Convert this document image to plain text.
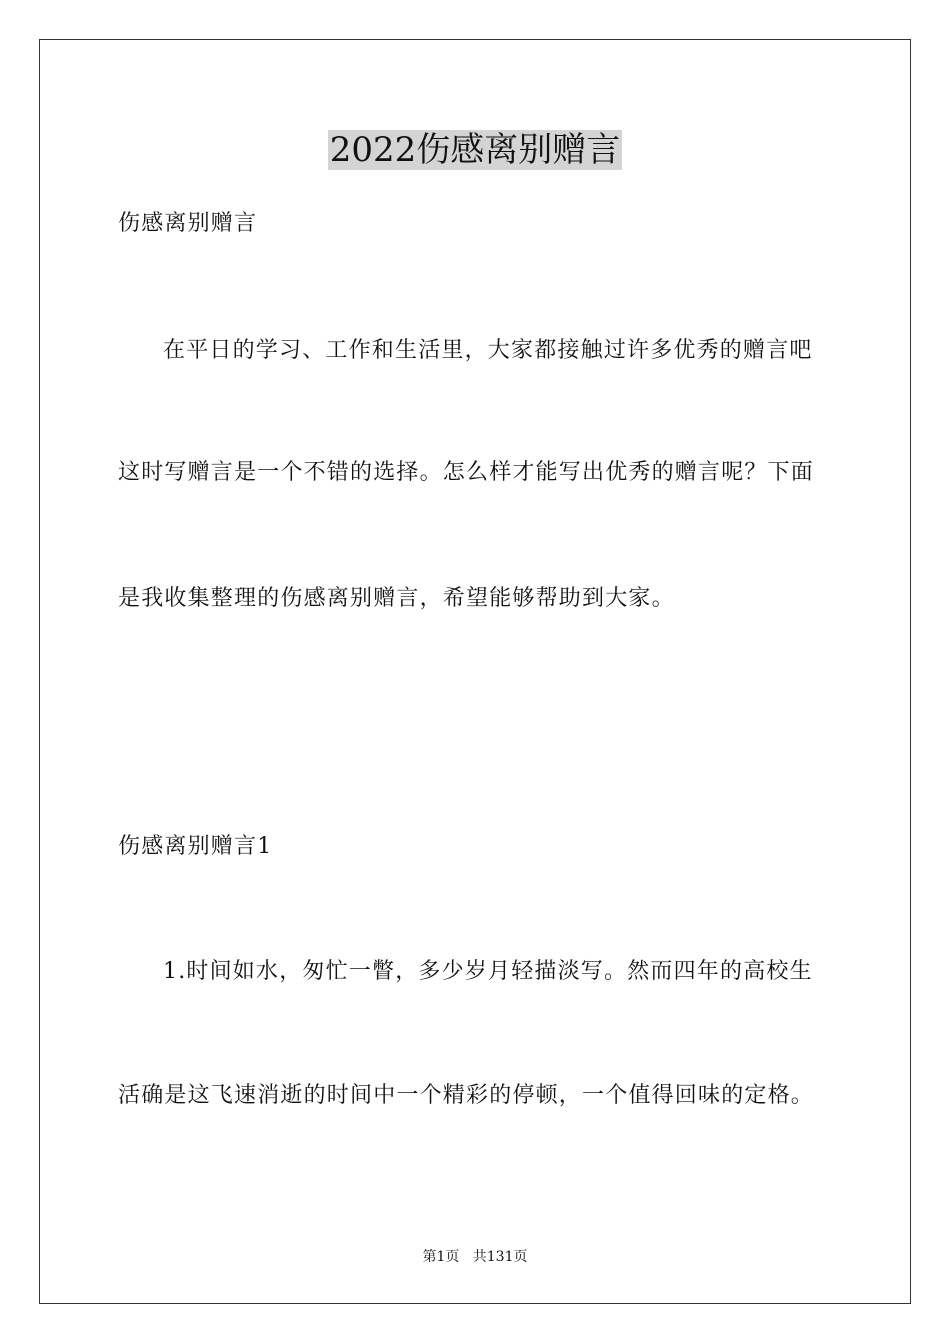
2022伤感离别赠言

伤感离别赠言

在平日的学习、工作和生活里，大家都接触过许多优秀的赠言吧

这时写赠言是一个不错的选择。怎么样才能写出优秀的赠言呢？下面

是我收集整理的伤感离别赠言，希望能够帮助到大家。

伤感离别赠言1

1.时间如水，匆忙一瞥，多少岁月轻描淡写。然而四年的高校生

活确是这飞速消逝的时间中一个精彩的停顿，一个值得回味的定格。

第1页   共131页
